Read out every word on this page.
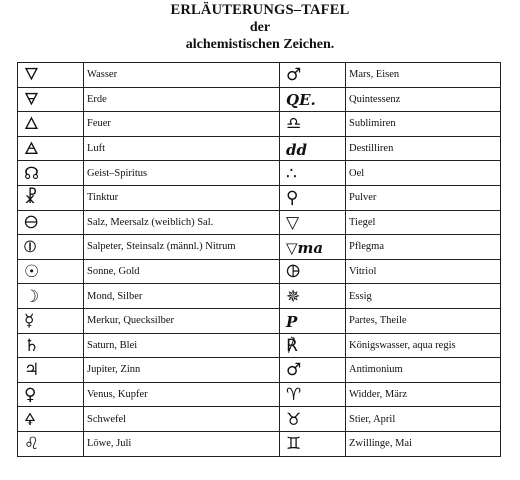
ERLÄUTERUNGS–TAFEL
der
alchemistischen Zeichen.
🜄	Wasser	♂	Mars, Eisen
🜃	Erde	QE.	Quintessenz
🜂	Feuer	♎	Sublimiren
🜁	Luft	dd	Destilliren
☊	Geist–Spiritus	∴	Oel
☧	Tinktur	⚲	Pulver
🜔	Salz, Meersalz (weiblich) Sal.	▽	Tiegel
⦶	Salpeter, Steinsalz (männl.) Nitrum	▽ma	Pflegma
☉	Sonne, Gold	🜖	Vitriol
☽	Mond, Silber	✵	Essig
☿	Merkur, Quecksilber	P	Partes, Theile
♄	Saturn, Blei	℟	Königswasser, aqua regis
♃	Jupiter, Zinn	♂	Antimonium
♀	Venus, Kupfer	♈	Widder, März
🜍	Schwefel	♉	Stier, April
♌	Löwe, Juli	♊	Zwillinge, Mai
